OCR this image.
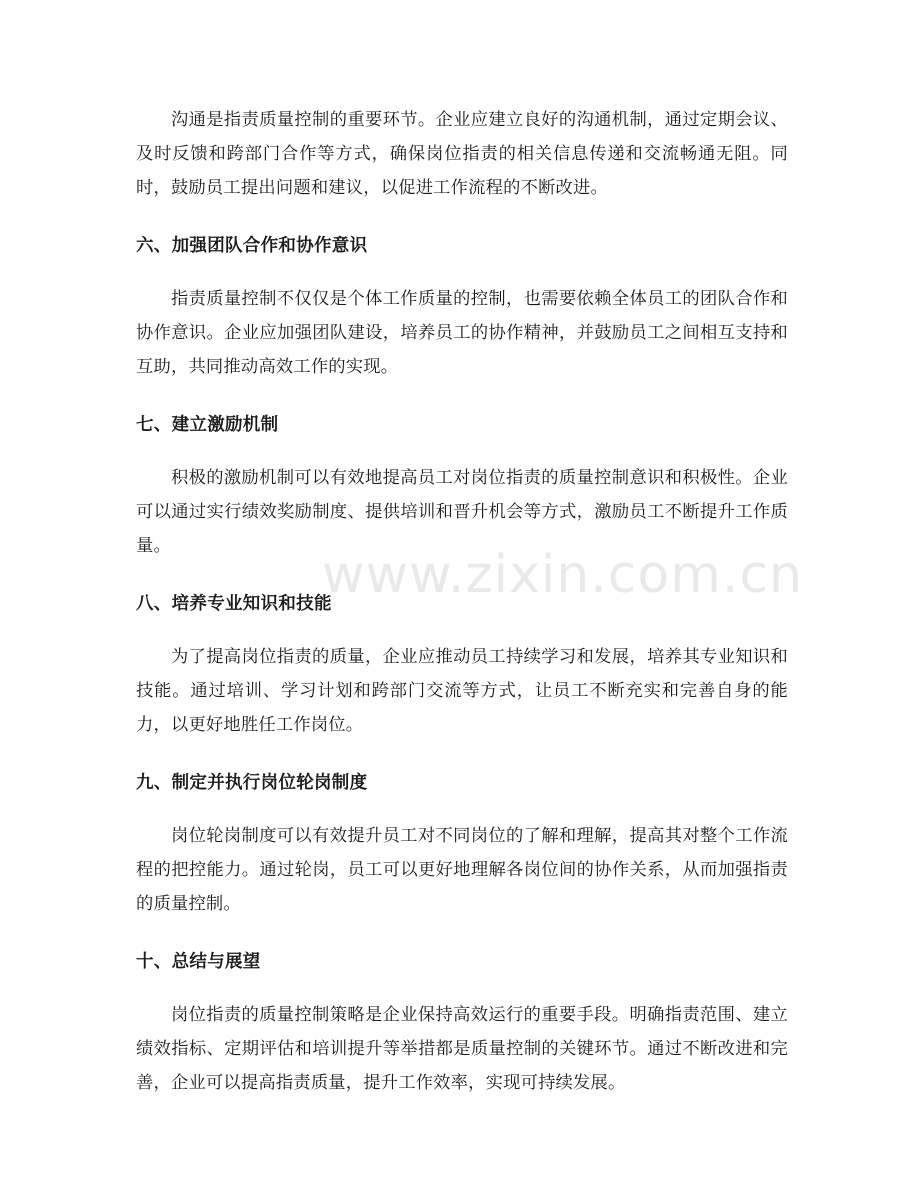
www.zixin.com.cn

沟通是指责质量控制的重要环节。企业应建立良好的沟通机制，通过定期会议、及时反馈和跨部门合作等方式，确保岗位指责的相关信息传递和交流畅通无阻。同时，鼓励员工提出问题和建议，以促进工作流程的不断改进。

六、加强团队合作和协作意识

指责质量控制不仅仅是个体工作质量的控制，也需要依赖全体员工的团队合作和协作意识。企业应加强团队建设，培养员工的协作精神，并鼓励员工之间相互支持和互助，共同推动高效工作的实现。

七、建立激励机制

积极的激励机制可以有效地提高员工对岗位指责的质量控制意识和积极性。企业可以通过实行绩效奖励制度、提供培训和晋升机会等方式，激励员工不断提升工作质量。

八、培养专业知识和技能

为了提高岗位指责的质量，企业应推动员工持续学习和发展，培养其专业知识和技能。通过培训、学习计划和跨部门交流等方式，让员工不断充实和完善自身的能力，以更好地胜任工作岗位。

九、制定并执行岗位轮岗制度

岗位轮岗制度可以有效提升员工对不同岗位的了解和理解，提高其对整个工作流程的把控能力。通过轮岗，员工可以更好地理解各岗位间的协作关系，从而加强指责的质量控制。

十、总结与展望

岗位指责的质量控制策略是企业保持高效运行的重要手段。明确指责范围、建立绩效指标、定期评估和培训提升等举措都是质量控制的关键环节。通过不断改进和完善，企业可以提高指责质量，提升工作效率，实现可持续发展。
